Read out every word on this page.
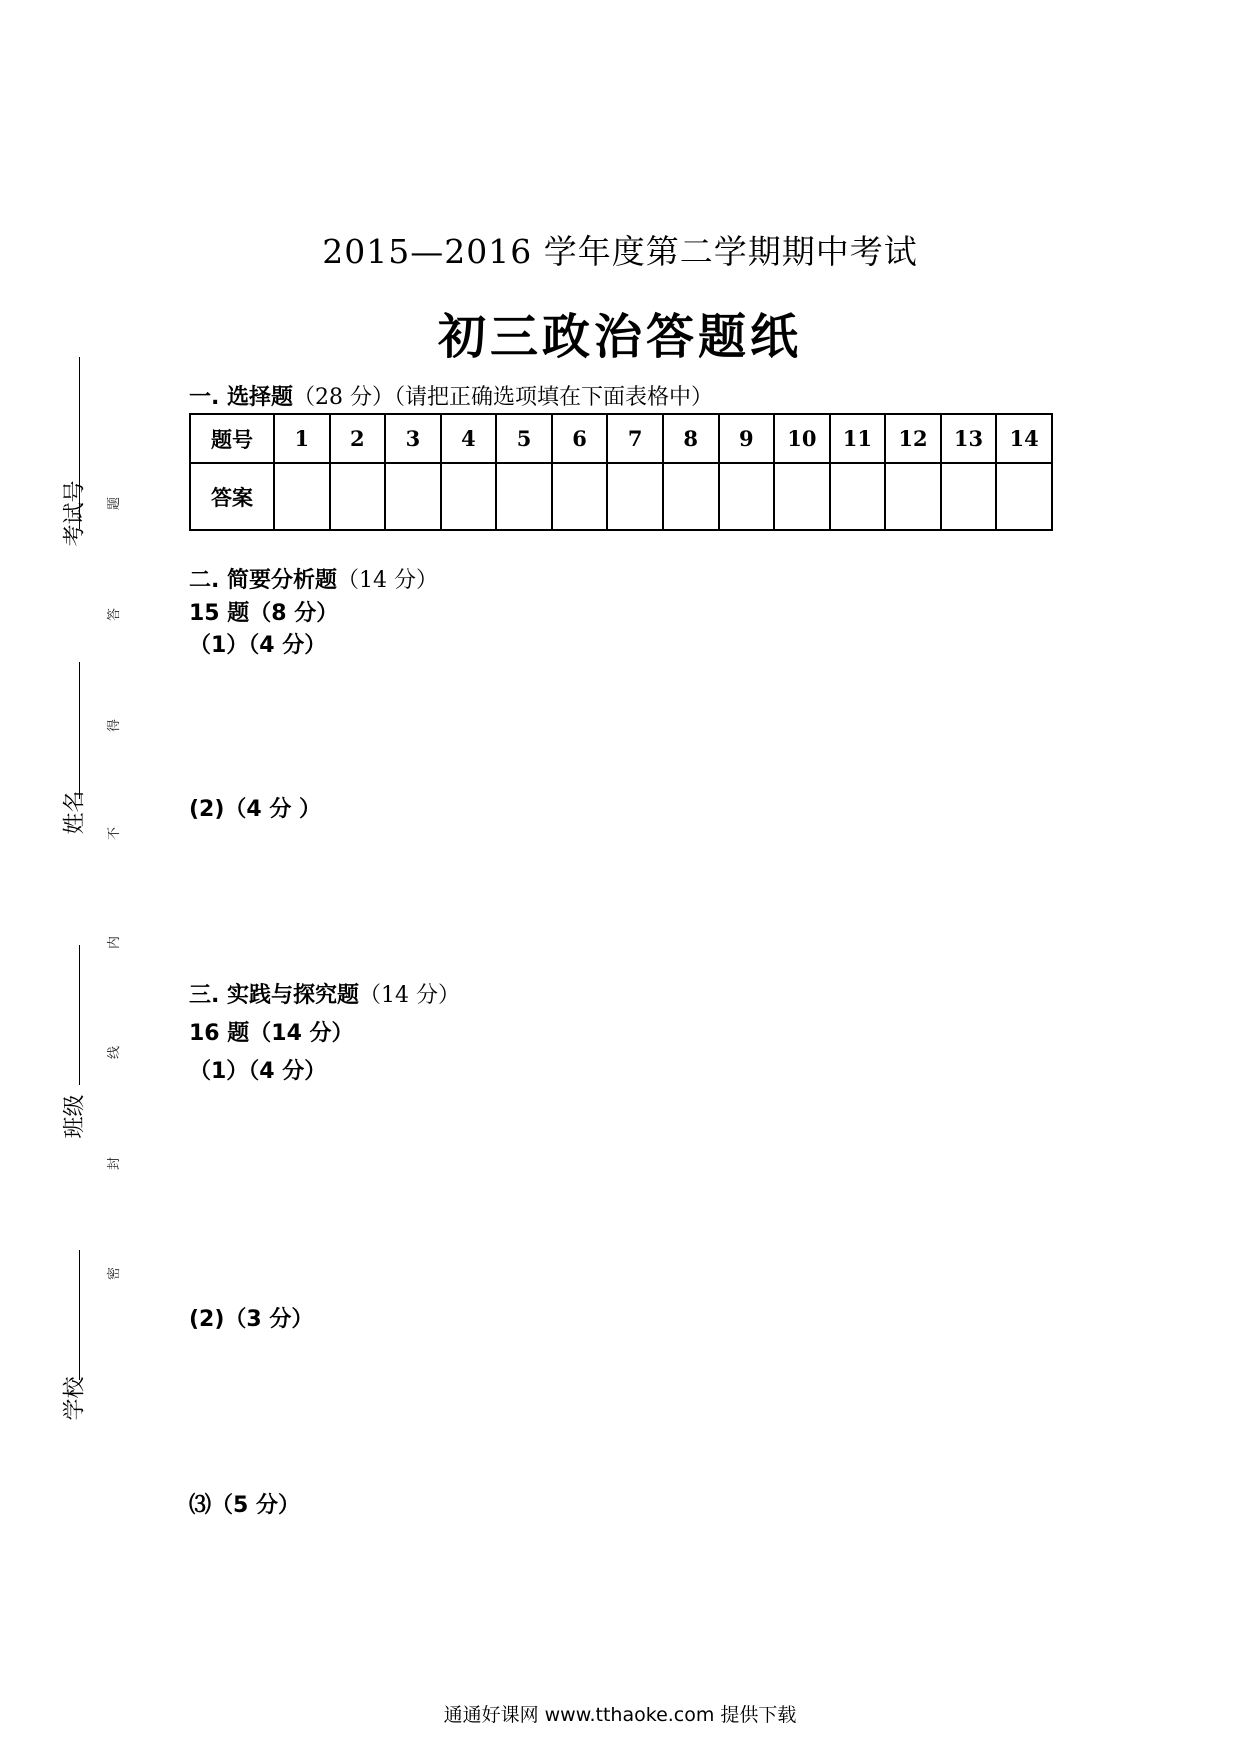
2015—2016 学年度第二学期期中考试
初三政治答题纸
一. 选择题（28 分）（请把正确选项填在下面表格中）
题号	1	2	3	4	5	6	7	8	9	10	11	12	13	14
答案														
二. 简要分析题（14 分）
15 题（8 分）
（1）（4 分）
(2)（4 分 ）
三. 实践与探究题（14 分）
16 题（14 分）
（1）（4 分）
(2)（3 分）
⑶（5 分）
考试号
姓名
班级
学校
题
答
得
不
内
线
封
密
通通好课网 www.tthaoke.com 提供下载
